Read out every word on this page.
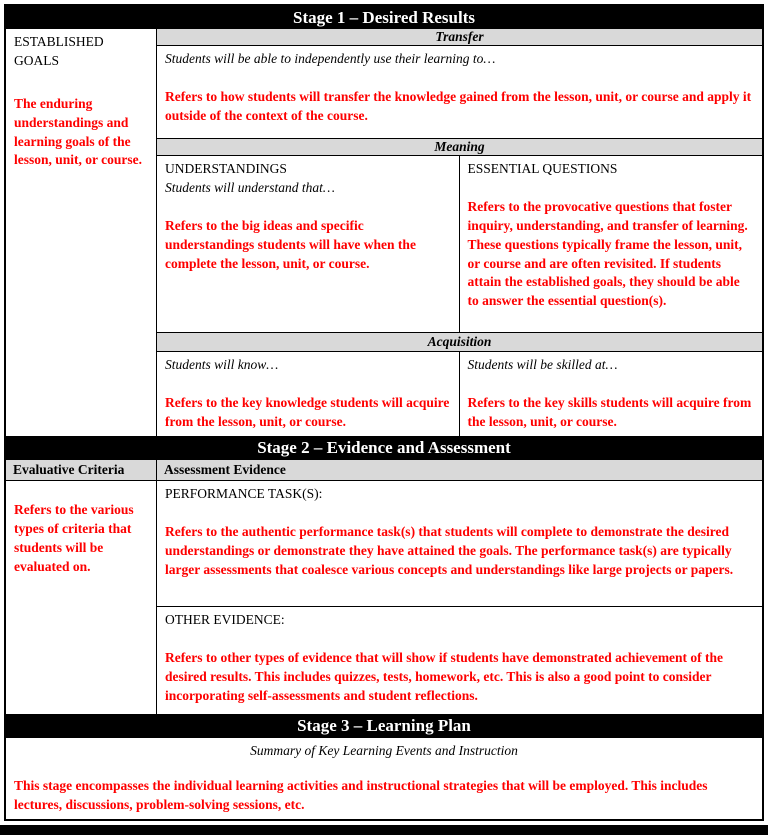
Stage 1 – Desired Results
ESTABLISHED GOALS
The enduring understandings and learning goals of the lesson, unit, or course.
Transfer
Students will be able to independently use their learning to…
Refers to how students will transfer the knowledge gained from the lesson, unit, or course and apply it outside of the context of the course.
Meaning
UNDERSTANDINGS
Students will understand that…
Refers to the big ideas and specific understandings students will have when the complete the lesson, unit, or course.
ESSENTIAL QUESTIONS
Refers to the provocative questions that foster inquiry, understanding, and transfer of learning. These questions typically frame the lesson, unit, or course and are often revisited. If students attain the established goals, they should be able to answer the essential question(s).
Acquisition
Students will know…
Refers to the key knowledge students will acquire from the lesson, unit, or course.
Students will be skilled at…
Refers to the key skills students will acquire from the lesson, unit, or course.
Stage 2 – Evidence and Assessment
Evaluative Criteria
Refers to the various types of criteria that students will be evaluated on.
Assessment Evidence
PERFORMANCE TASK(S):
Refers to the authentic performance task(s) that students will complete to demonstrate the desired understandings or demonstrate they have attained the goals. The performance task(s) are typically larger assessments that coalesce various concepts and understandings like large projects or papers.
OTHER EVIDENCE:
Refers to other types of evidence that will show if students have demonstrated achievement of the desired results. This includes quizzes, tests, homework, etc. This is also a good point to consider incorporating self-assessments and student reflections.
Stage 3 – Learning Plan
Summary of Key Learning Events and Instruction
This stage encompasses the individual learning activities and instructional strategies that will be employed. This includes lectures, discussions, problem-solving sessions, etc.
